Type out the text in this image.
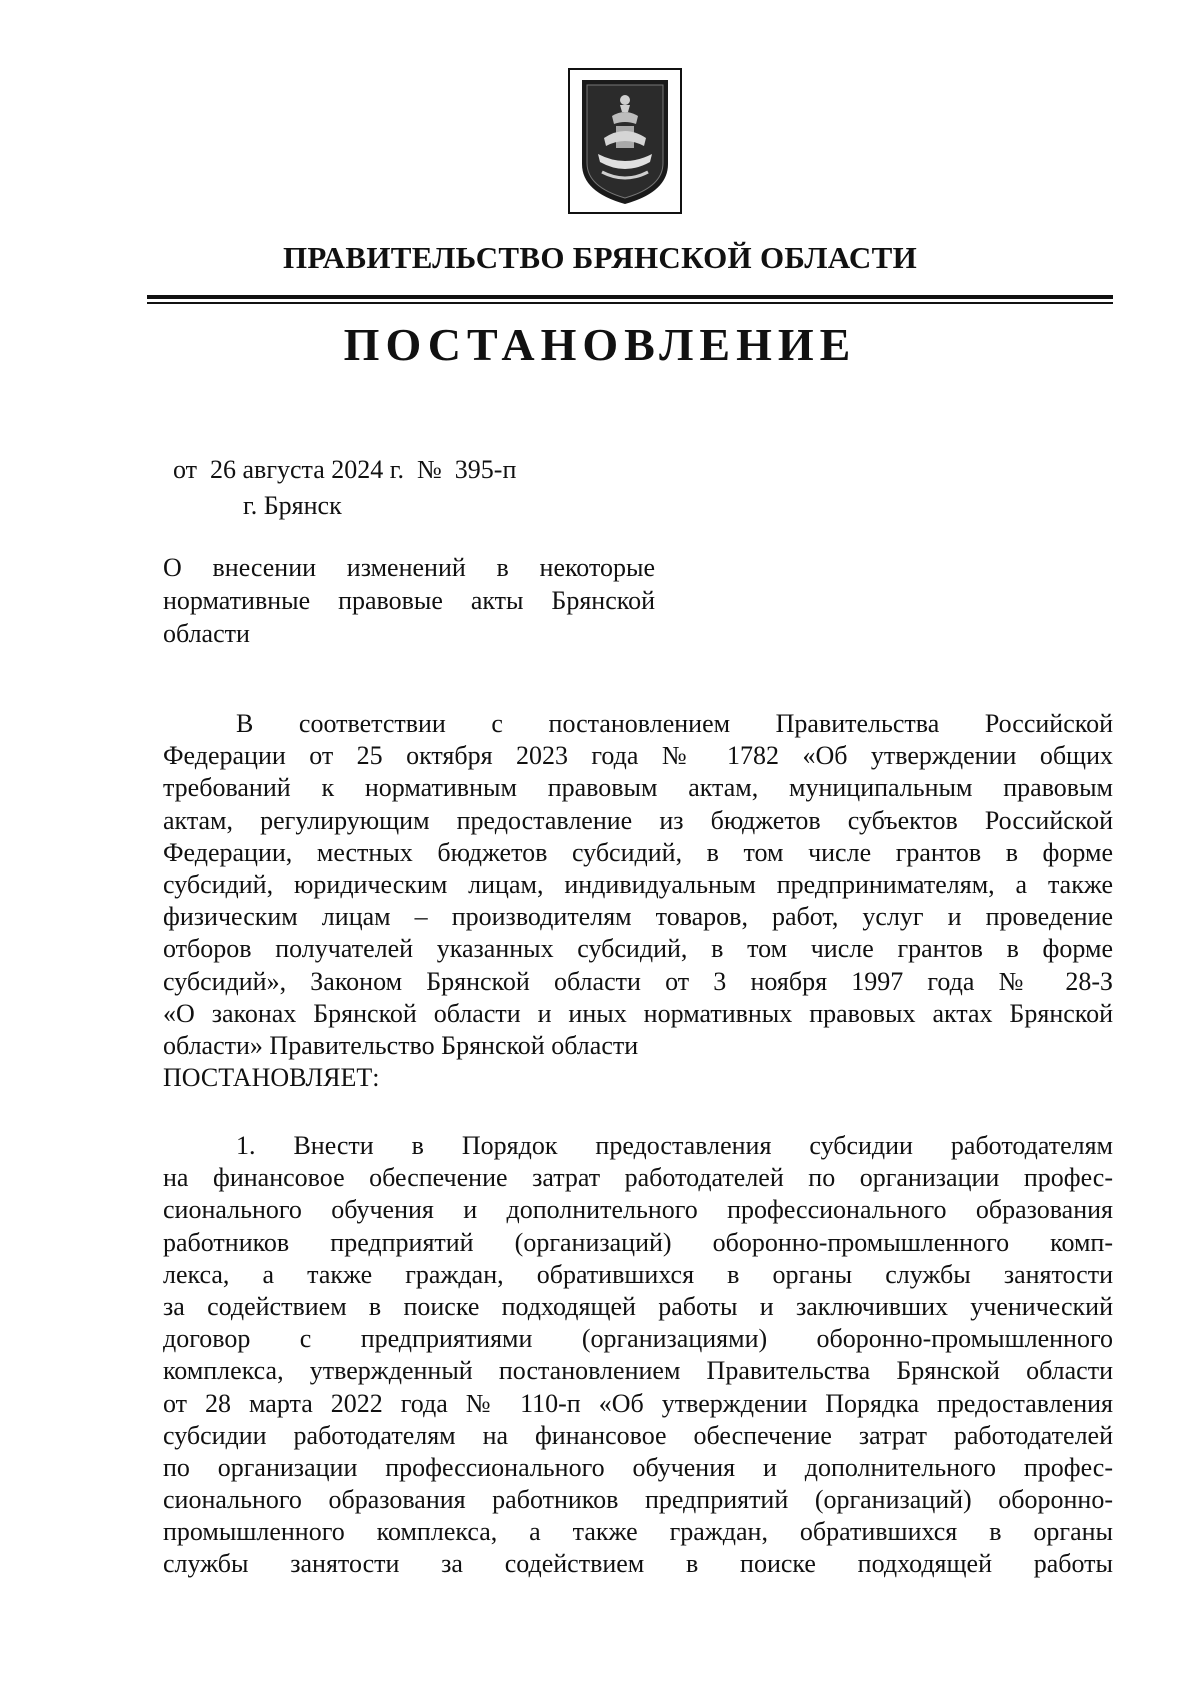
ПРАВИТЕЛЬСТВО БРЯНСКОЙ ОБЛАСТИ
ПОСТАНОВЛЕНИЕ
от  26 августа 2024 г.  №  395-п
г. Брянск
О внесении изменений в некоторые
нормативные правовые акты Брянской
области
В соответствии с постановлением Правительства Российской
Федерации от 25 октября 2023 года № 1782 «Об утверждении общих
требований к нормативным правовым актам, муниципальным правовым
актам, регулирующим предоставление из бюджетов субъектов Российской
Федерации, местных бюджетов субсидий, в том числе грантов в форме
субсидий, юридическим лицам, индивидуальным предпринимателям, а также
физическим лицам – производителям товаров, работ, услуг и проведение
отборов получателей указанных субсидий, в том числе грантов в форме
субсидий», Законом Брянской области от 3 ноября 1997 года № 28-З
«О законах Брянской области и иных нормативных правовых актах Брянской
области» Правительство Брянской области
ПОСТАНОВЛЯЕТ:
1. Внести в Порядок предоставления субсидии работодателям
на финансовое обеспечение затрат работодателей по организации профес-
сионального обучения и дополнительного профессионального образования
работников предприятий (организаций) оборонно-промышленного комп-
лекса, а также граждан, обратившихся в органы службы занятости
за содействием в поиске подходящей работы и заключивших ученический
договор с предприятиями (организациями) оборонно-промышленного
комплекса, утвержденный постановлением Правительства Брянской области
от 28 марта 2022 года № 110-п «Об утверждении Порядка предоставления
субсидии работодателям на финансовое обеспечение затрат работодателей
по организации профессионального обучения и дополнительного профес-
сионального образования работников предприятий (организаций) оборонно-
промышленного комплекса, а также граждан, обратившихся в органы
службы занятости за содействием в поиске подходящей работы
